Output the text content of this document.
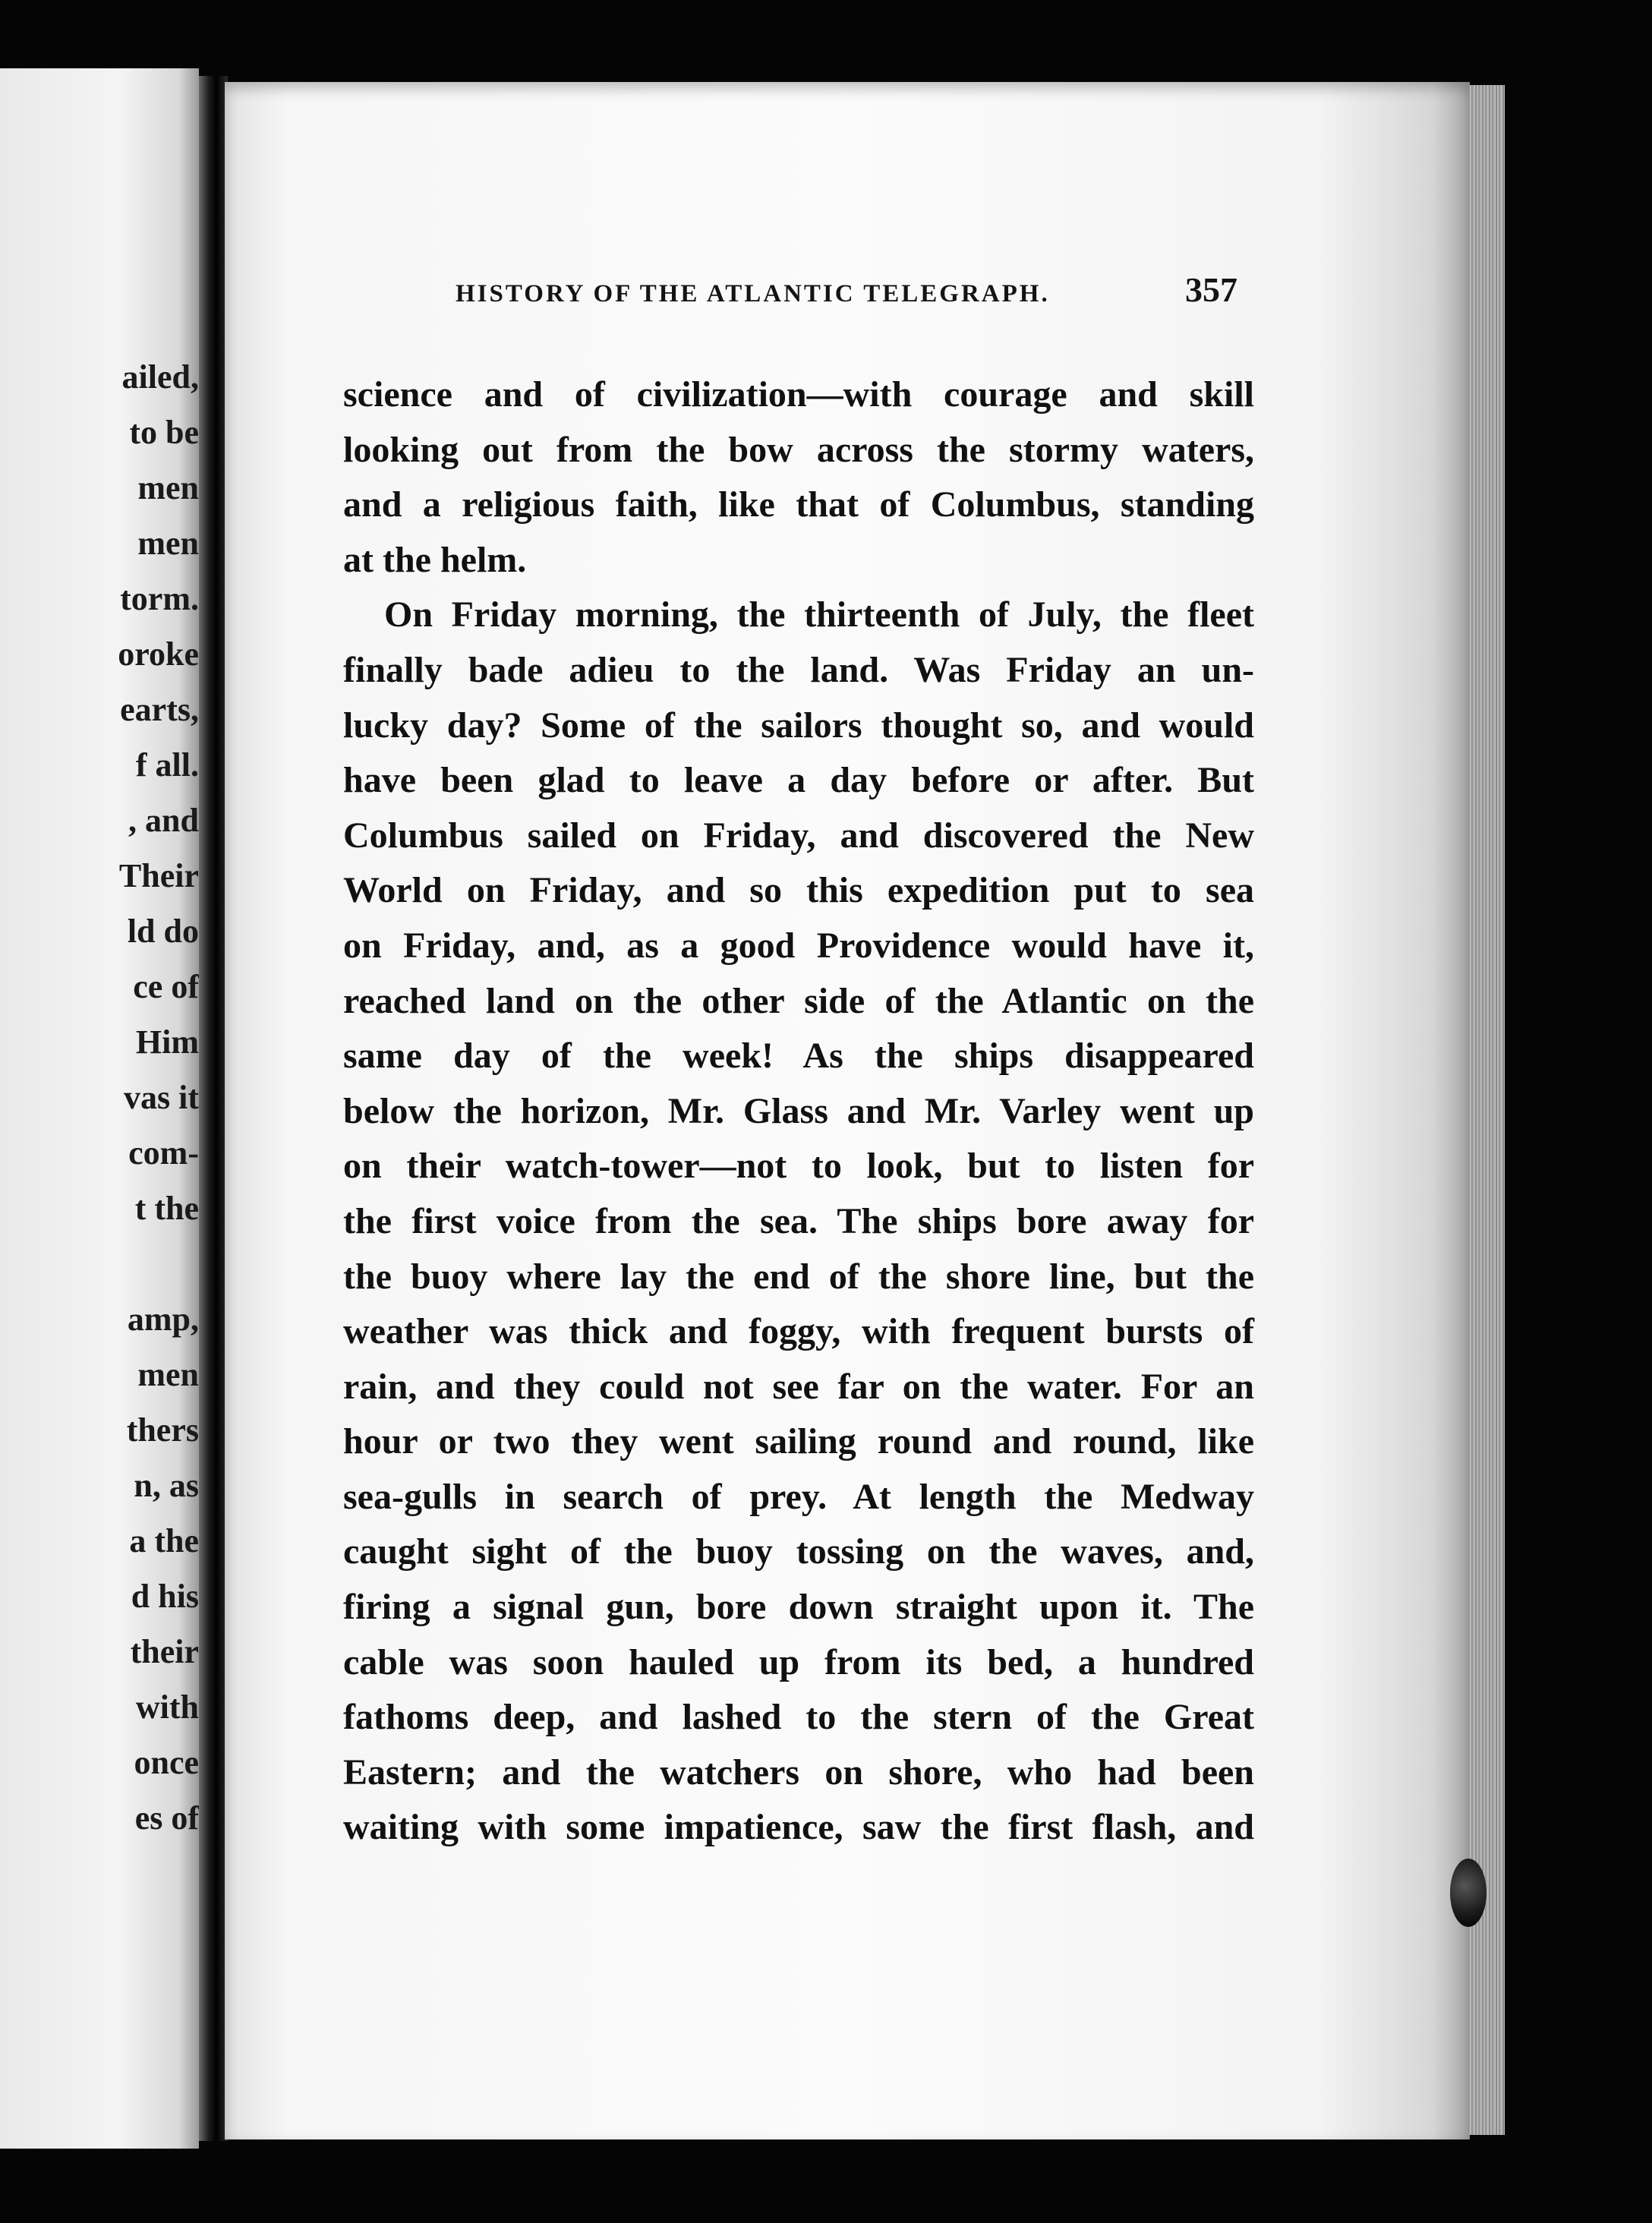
ailed,
to be
men
men
torm.
oroke
earts,
f all.
, and
Their
ld do
ce of
Him
vas it
com-
t the
amp,
men
thers
n, as
a the
d his
their
with
once
es of
HISTORY OF THE ATLANTIC TELEGRAPH.	357
science and of civilization—with courage and skill
looking out from the bow across the stormy waters,
and a religious faith, like that of Columbus, standing
at the helm.
On Friday morning, the thirteenth of July, the fleet
finally bade adieu to the land. Was Friday an un-
lucky day? Some of the sailors thought so, and would
have been glad to leave a day before or after. But
Columbus sailed on Friday, and discovered the New
World on Friday, and so this expedition put to sea
on Friday, and, as a good Providence would have it,
reached land on the other side of the Atlantic on the
same day of the week! As the ships disappeared
below the horizon, Mr. Glass and Mr. Varley went up
on their watch-tower—not to look, but to listen for
the first voice from the sea. The ships bore away for
the buoy where lay the end of the shore line, but the
weather was thick and foggy, with frequent bursts of
rain, and they could not see far on the water. For an
hour or two they went sailing round and round, like
sea-gulls in search of prey. At length the Medway
caught sight of the buoy tossing on the waves, and,
firing a signal gun, bore down straight upon it. The
cable was soon hauled up from its bed, a hundred
fathoms deep, and lashed to the stern of the Great
Eastern; and the watchers on shore, who had been
waiting with some impatience, saw the first flash, and
